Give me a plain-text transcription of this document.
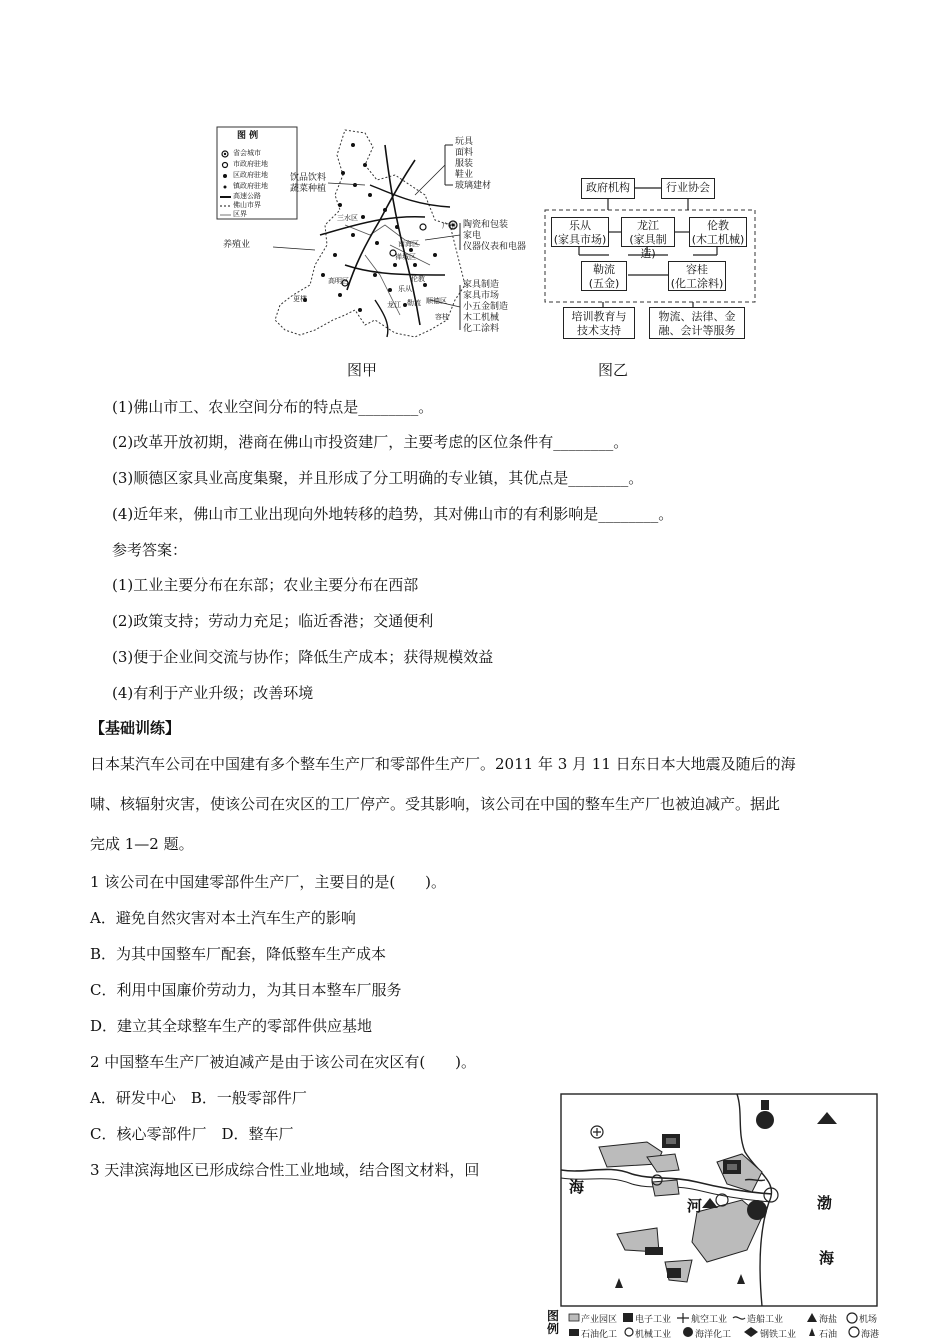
图 例
省会城市
市政府驻地
区政府驻地
镇政府驻地
高速公路
佛山市界
区界	三水区
南海区
禅城区
高明区	伦教
乐从
勒流 顺德区
龙江
容桂
更楼
广州
玩具
面料
服装
鞋业
玻璃建材
饮品饮料
蔬菜种植
陶瓷和包装
家电
仪器仪表和电器
养殖业
家具制造
家具市场
小五金制造
木工机械
化工涂料
图甲
政府机构	行业协会
乐从
(家具市场)
龙江
(家具制造)
伦教
(木工机械)
勒流
(五金)
容桂
(化工涂料)
培训教育与
技术支持
物流、法律、金
融、会计等服务
图乙
(1)佛山市工、农业空间分布的特点是________。
(2)改革开放初期，港商在佛山市投资建厂，主要考虑的区位条件有________。
(3)顺德区家具业高度集聚，并且形成了分工明确的专业镇，其优点是________。
(4)近年来，佛山市工业出现向外地转移的趋势，其对佛山市的有利影响是________。
参考答案：
(1)工业主要分布在东部；农业主要分布在西部
(2)政策支持；劳动力充足；临近香港；交通便利
(3)便于企业间交流与协作；降低生产成本；获得规模效益
(4)有利于产业升级；改善环境
【基础训练】
日本某汽车公司在中国建有多个整车生产厂和零部件生产厂。2011 年 3 月 11 日东日本大地震及随后的海
啸、核辐射灾害，使该公司在灾区的工厂停产。受其影响，该公司在中国的整车生产厂也被迫减产。据此
完成 1—2 题。
1 该公司在中国建零部件生产厂，主要目的是(　　)。
A．避免自然灾害对本土汽车生产的影响
B．为其中国整车厂配套，降低整车生产成本
C．利用中国廉价劳动力，为其日本整车厂服务
D．建立其全球整车生产的零部件供应基地
2 中国整车生产厂被迫减产是由于该公司在灾区有(　　)。
A．研发中心　B．一般零部件厂
C．核心零部件厂　D．整车厂
3 天津滨海地区已形成综合性工业地域，结合图文材料，回
海
河	渤
海
图例
产业园区 电子工业 航空工业 造船工业	海盐 机场
石油化工 机械工业	海洋化工	钢铁工业	石油	海港
